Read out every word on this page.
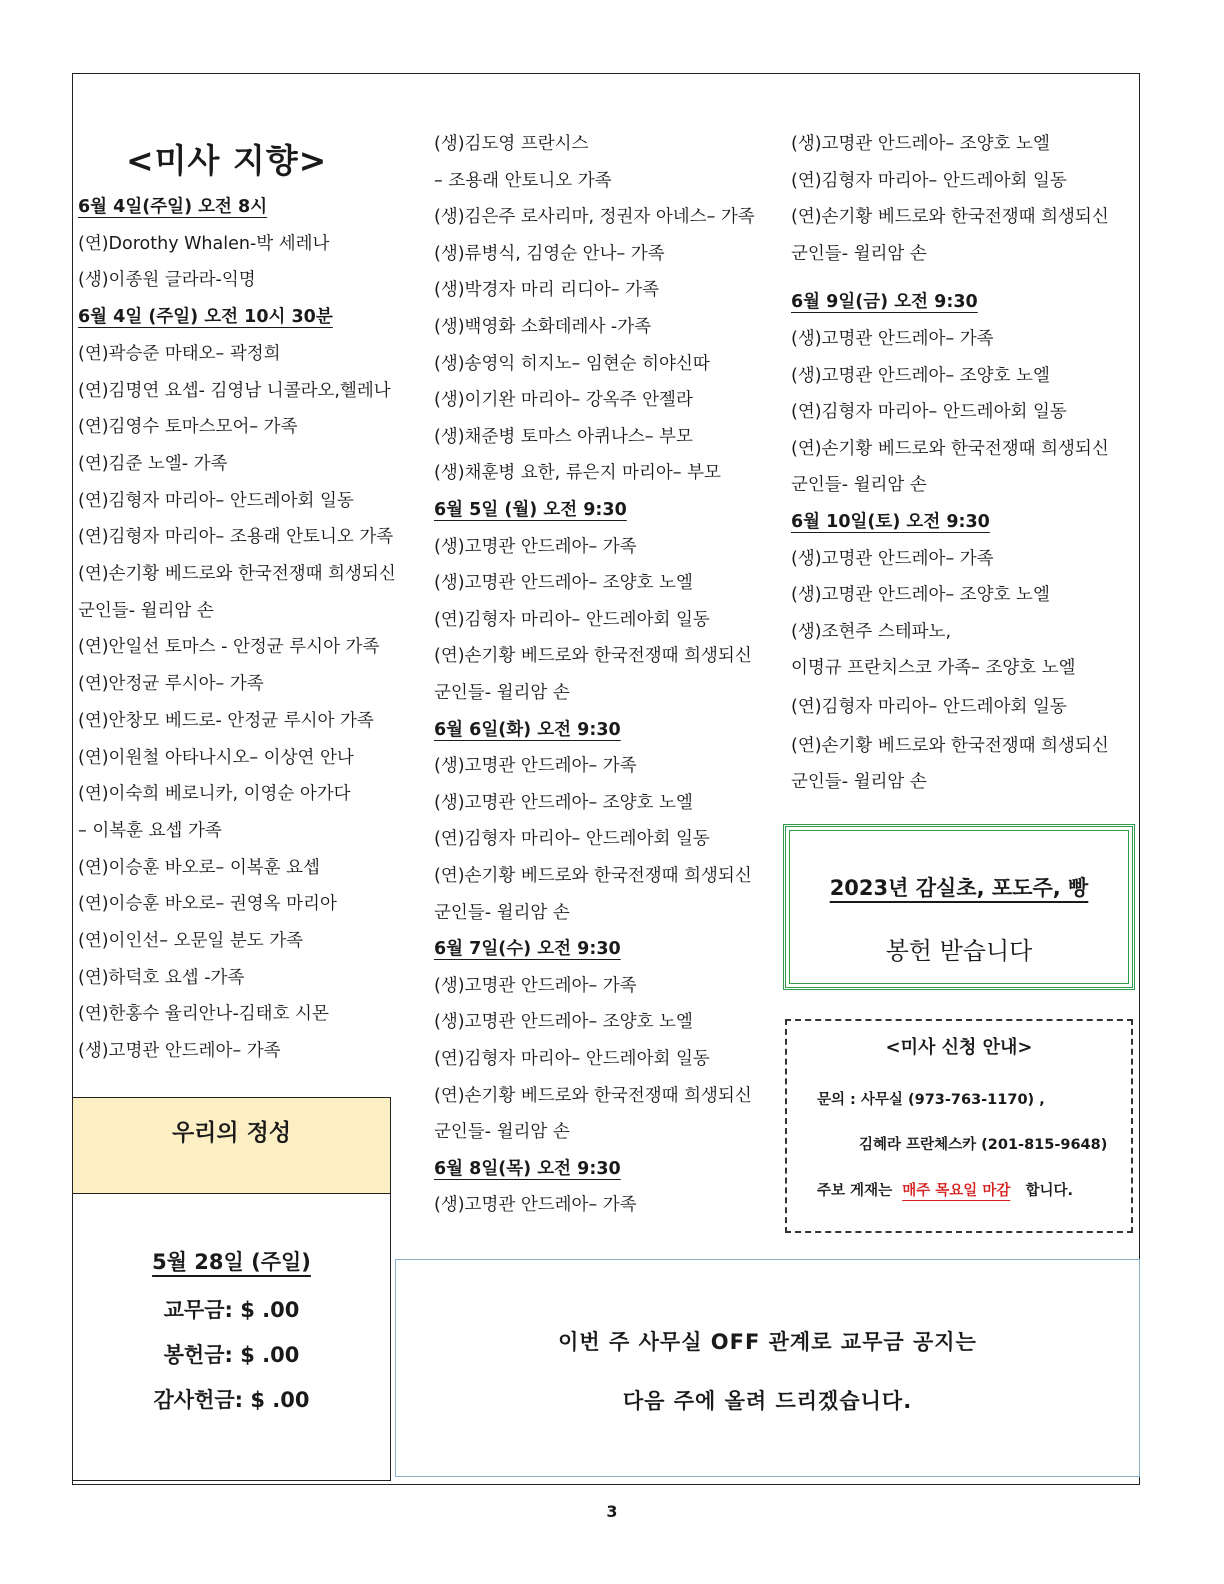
<미사 지향>
6월 4일(주일) 오전 8시
(연)Dorothy Whalen-박 세레나
(생)이종원 글라라-익명
6월 4일 (주일) 오전 10시 30분
(연)곽승준 마태오– 곽정희
(연)김명연 요셉- 김영남 니콜라오,헬레나
(연)김영수 토마스모어– 가족
(연)김준 노엘- 가족
(연)김형자 마리아– 안드레아회 일동
(연)김형자 마리아– 조용래 안토니오 가족
(연)손기황 베드로와 한국전쟁때 희생되신
군인들- 윌리암 손
(연)안일선 토마스 - 안정균 루시아 가족
(연)안정균 루시아– 가족
(연)안창모 베드로- 안정균 루시아 가족
(연)이원철 아타나시오– 이상연 안나
(연)이숙희 베로니카, 이영순 아가다
– 이복훈 요셉 가족
(연)이승훈 바오로– 이복훈 요셉
(연)이승훈 바오로– 권영옥 마리아
(연)이인선– 오문일 분도 가족
(연)하덕호 요셉 -가족
(연)한홍수 율리안나-김태호 시몬
(생)고명관 안드레아– 가족
(생)김도영 프란시스
– 조용래 안토니오 가족
(생)김은주 로사리마, 정권자 아네스– 가족
(생)류병식, 김영순 안나– 가족
(생)박경자 마리 리디아– 가족
(생)백영화 소화데레사 -가족
(생)송영익 히지노– 임현순 히야신따
(생)이기완 마리아– 강옥주 안젤라
(생)채준병 토마스 아퀴나스– 부모
(생)채훈병 요한, 류은지 마리아– 부모
6월 5일 (월) 오전 9:30
(생)고명관 안드레아– 가족
(생)고명관 안드레아– 조양호 노엘
(연)김형자 마리아– 안드레아회 일동
(연)손기황 베드로와 한국전쟁때 희생되신
군인들- 윌리암 손
6월 6일(화) 오전 9:30
(생)고명관 안드레아– 가족
(생)고명관 안드레아– 조양호 노엘
(연)김형자 마리아– 안드레아회 일동
(연)손기황 베드로와 한국전쟁때 희생되신
군인들- 윌리암 손
6월 7일(수) 오전 9:30
(생)고명관 안드레아– 가족
(생)고명관 안드레아– 조양호 노엘
(연)김형자 마리아– 안드레아회 일동
(연)손기황 베드로와 한국전쟁때 희생되신
군인들- 윌리암 손
6월 8일(목) 오전 9:30
(생)고명관 안드레아– 가족
(생)고명관 안드레아– 조양호 노엘
(연)김형자 마리아– 안드레아회 일동
(연)손기황 베드로와 한국전쟁때 희생되신
군인들- 윌리암 손
6월 9일(금) 오전 9:30
(생)고명관 안드레아– 가족
(생)고명관 안드레아– 조양호 노엘
(연)김형자 마리아– 안드레아회 일동
(연)손기황 베드로와 한국전쟁때 희생되신
군인들- 윌리암 손
6월 10일(토) 오전 9:30
(생)고명관 안드레아– 가족
(생)고명관 안드레아– 조양호 노엘
(생)조현주 스테파노,
이명규 프란치스코 가족– 조양호 노엘
(연)김형자 마리아– 안드레아회 일동
(연)손기황 베드로와 한국전쟁때 희생되신
군인들- 윌리암 손
우리의 정성
5월 28일 (주일)
교무금: $ .00
봉헌금: $ .00
감사헌금: $ .00
2023년 감실초, 포도주, 빵
봉헌 받습니다
<미사 신청 안내>
문의 : 사무실 (973-763-1170) ,
김혜라 프란체스카 (201-815-9648)
주보 게재는 매주 목요일 마감 합니다.
이번 주 사무실 OFF 관계로 교무금 공지는
다음 주에 올려 드리겠습니다.
3
